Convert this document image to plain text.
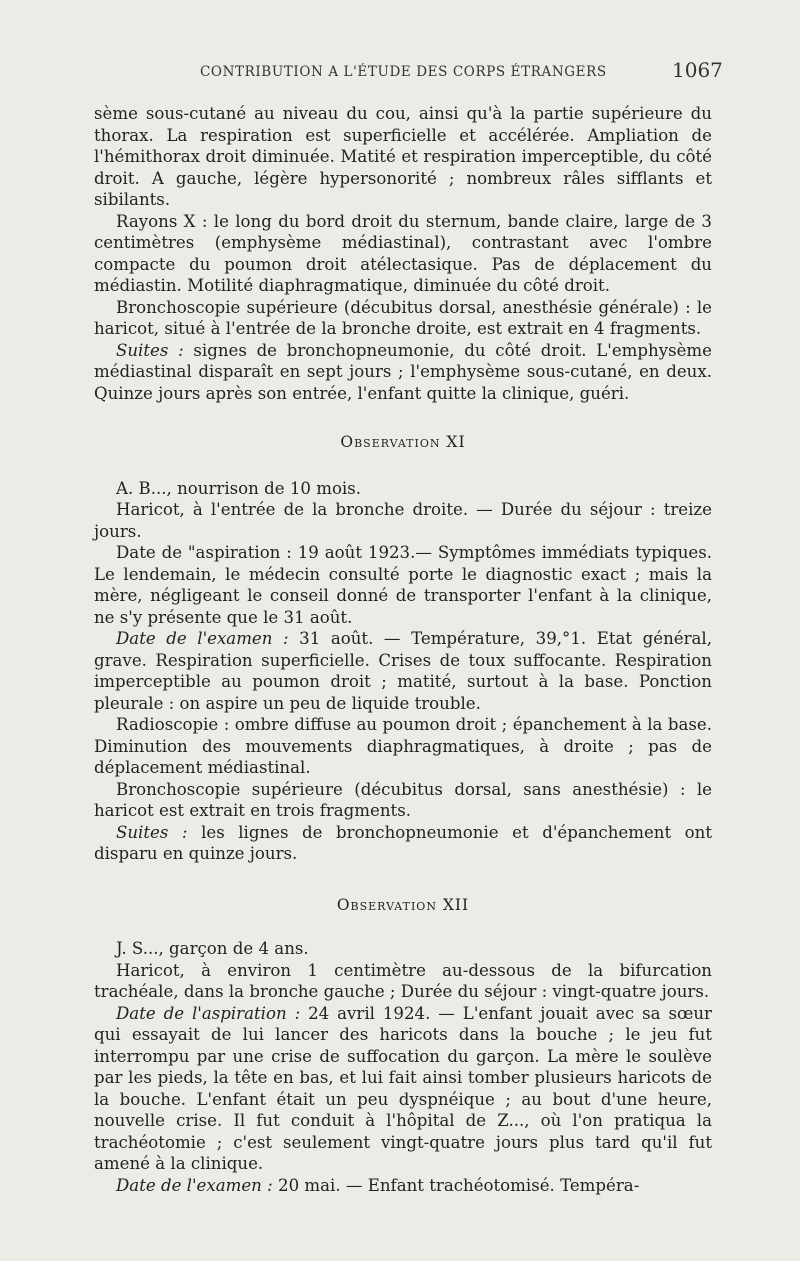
CONTRIBUTION A L'ÉTUDE DES CORPS ÉTRANGERS	1067

sème sous-cutané au niveau du cou, ainsi qu'à la partie supérieure du thorax. La respiration est superficielle et accélérée. Ampliation de l'hémithorax droit diminuée. Matité et respiration imperceptible, du côté droit. A gauche, légère hypersonorité ; nombreux râles sifflants et sibilants.

Rayons X : le long du bord droit du sternum, bande claire, large de 3 centimètres (emphysème médiastinal), contrastant avec l'ombre compacte du poumon droit atélectasique. Pas de déplacement du médiastin. Motilité diaphragmatique, diminuée du côté droit.

Bronchoscopie supérieure (décubitus dorsal, anesthésie générale) : le haricot, situé à l'entrée de la bronche droite, est extrait en 4 fragments.

Suites : signes de bronchopneumonie, du côté droit. L'emphysème médiastinal disparaît en sept jours ; l'emphysème sous-cutané, en deux. Quinze jours après son entrée, l'enfant quitte la clinique, guéri.

Observation XI

A. B..., nourrison de 10 mois.

Haricot, à l'entrée de la bronche droite. — Durée du séjour : treize jours.

Date de "aspiration : 19 août 1923.— Symptômes immédiats typiques. Le lendemain, le médecin consulté porte le diagnostic exact ; mais la mère, négligeant le conseil donné de transporter l'enfant à la clinique, ne s'y présente que le 31 août.

Date de l'examen : 31 août. — Température, 39,°1. Etat général, grave. Respiration superficielle. Crises de toux suffocante. Respiration imperceptible au poumon droit ; matité, surtout à la base. Ponction pleurale : on aspire un peu de liquide trouble.

Radioscopie : ombre diffuse au poumon droit ; épanchement à la base. Diminution des mouvements diaphragmatiques, à droite ; pas de déplacement médiastinal.

Bronchoscopie supérieure (décubitus dorsal, sans anesthésie) : le haricot est extrait en trois fragments.

Suites : les lignes de bronchopneumonie et d'épanchement ont disparu en quinze jours.

Observation XII

J. S..., garçon de 4 ans.

Haricot, à environ 1 centimètre au-dessous de la bifurcation trachéale, dans la bronche gauche ; Durée du séjour : vingt-quatre jours.

Date de l'aspiration : 24 avril 1924. — L'enfant jouait avec sa sœur qui essayait de lui lancer des haricots dans la bouche ; le jeu fut interrompu par une crise de suffocation du garçon. La mère le soulève par les pieds, la tête en bas, et lui fait ainsi tomber plusieurs haricots de la bouche. L'enfant était un peu dyspnéique ; au bout d'une heure, nouvelle crise. Il fut conduit à l'hôpital de Z..., où l'on pratiqua la trachéotomie ; c'est seulement vingt-quatre jours plus tard qu'il fut amené à la clinique.

Date de l'examen : 20 mai. — Enfant trachéotomisé. Tempéra-
